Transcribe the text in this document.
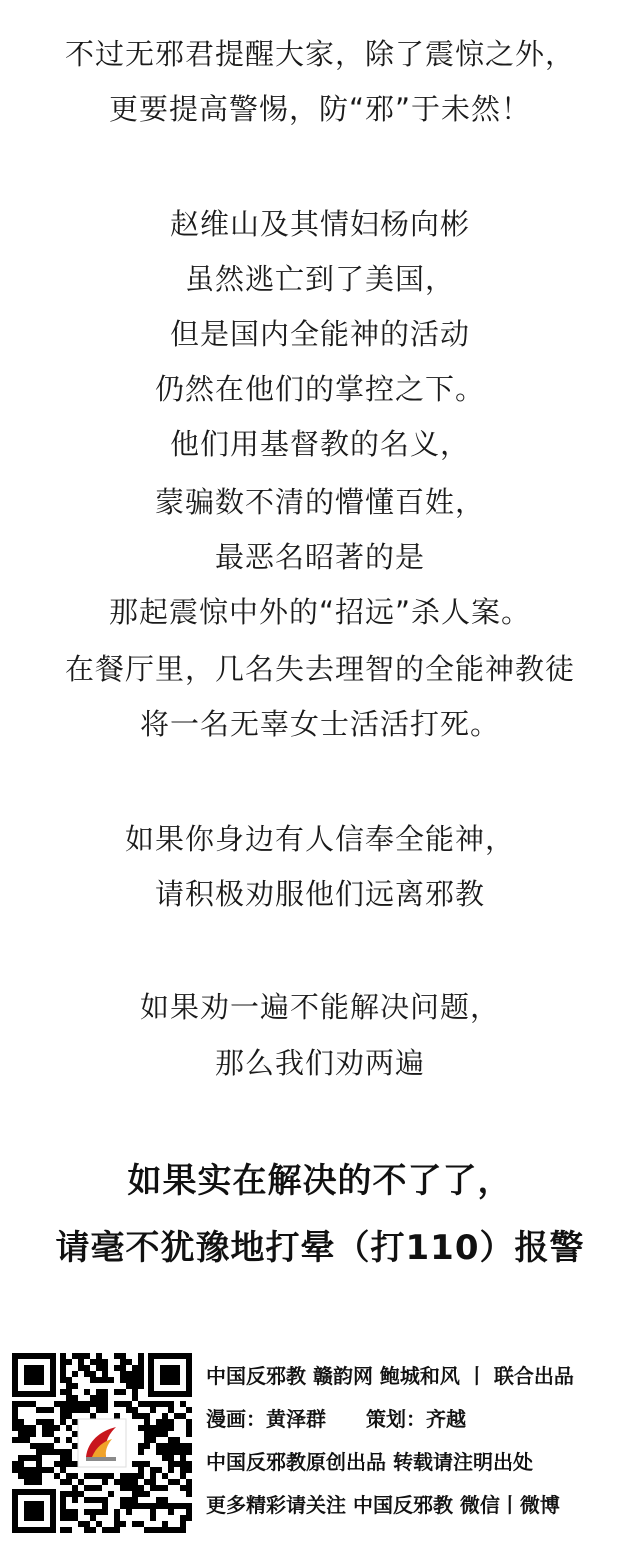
不过无邪君提醒大家，除了震惊之外，
更要提高警惕，防“邪”于未然！
赵维山及其情妇杨向彬
虽然逃亡到了美国，
但是国内全能神的活动
仍然在他们的掌控之下。
他们用基督教的名义，
蒙骗数不清的懵懂百姓，
最恶名昭著的是
那起震惊中外的“招远”杀人案。
在餐厅里，几名失去理智的全能神教徒
将一名无辜女士活活打死。
如果你身边有人信奉全能神，
请积极劝服他们远离邪教
如果劝一遍不能解决问题，
那么我们劝两遍
如果实在解决的不了了，
请毫不犹豫地打晕（打110）报警
中国反邪教 赣韵网 鲍城和风 丨 联合出品
漫画：黄泽群　　策划：齐越
中国反邪教原创出品 转载请注明出处
更多精彩请关注 中国反邪教 微信丨微博
